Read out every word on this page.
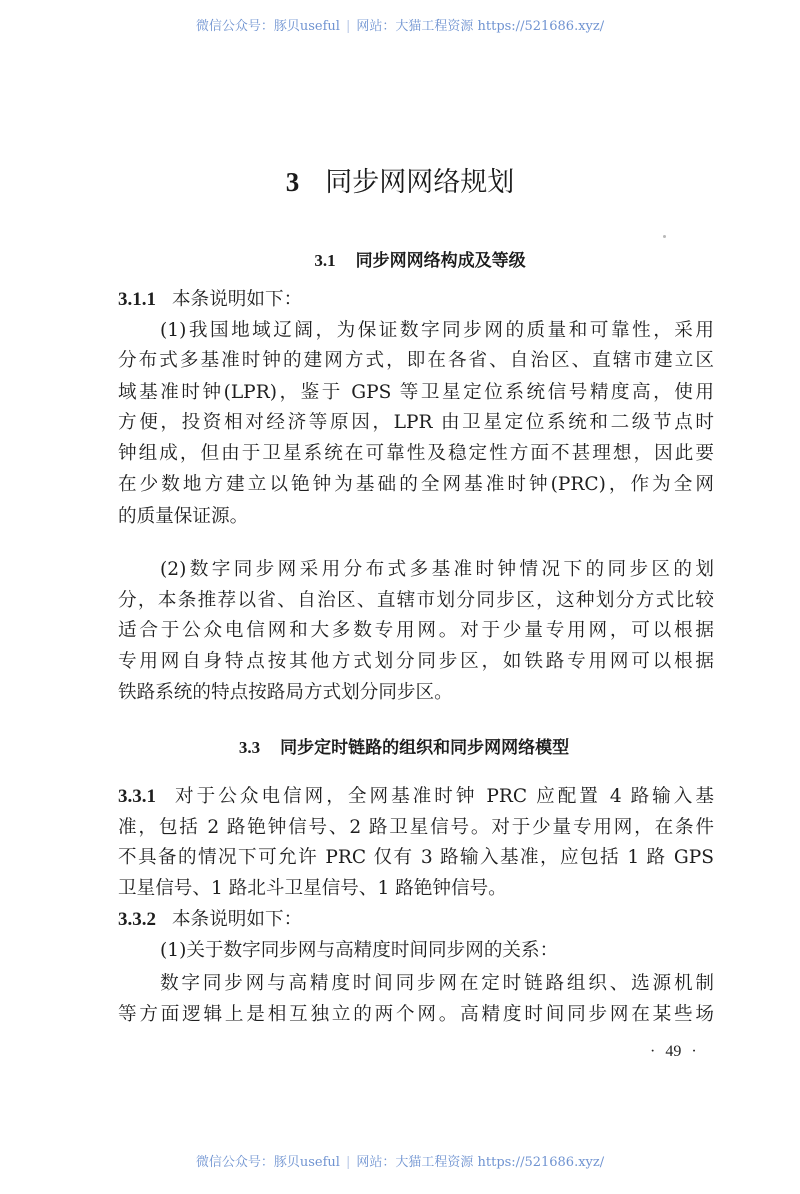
微信公众号：豚贝useful | 网站：大猫工程资源 https://521686.xyz/
3 同步网网络规划
3.1 同步网网络构成及等级
3.1.1 本条说明如下：
(1)我国地域辽阔，为保证数字同步网的质量和可靠性，采用
分布式多基准时钟的建网方式，即在各省、自治区、直辖市建立区
域基准时钟(LPR)，鉴于 GPS 等卫星定位系统信号精度高，使用
方便，投资相对经济等原因，LPR 由卫星定位系统和二级节点时
钟组成，但由于卫星系统在可靠性及稳定性方面不甚理想，因此要
在少数地方建立以铯钟为基础的全网基准时钟(PRC)，作为全网
的质量保证源。
(2)数字同步网采用分布式多基准时钟情况下的同步区的划
分，本条推荐以省、自治区、直辖市划分同步区，这种划分方式比较
适合于公众电信网和大多数专用网。对于少量专用网，可以根据
专用网自身特点按其他方式划分同步区，如铁路专用网可以根据
铁路系统的特点按路局方式划分同步区。
3.3 同步定时链路的组织和同步网网络模型
3.3.1 对于公众电信网，全网基准时钟 PRC 应配置 4 路输入基
准，包括 2 路铯钟信号、2 路卫星信号。对于少量专用网，在条件
不具备的情况下可允许 PRC 仅有 3 路输入基准，应包括 1 路 GPS
卫星信号、1 路北斗卫星信号、1 路铯钟信号。
3.3.2 本条说明如下：
(1)关于数字同步网与高精度时间同步网的关系：
数字同步网与高精度时间同步网在定时链路组织、选源机制
等方面逻辑上是相互独立的两个网。高精度时间同步网在某些场
· 49 ·
微信公众号：豚贝useful | 网站：大猫工程资源 https://521686.xyz/
